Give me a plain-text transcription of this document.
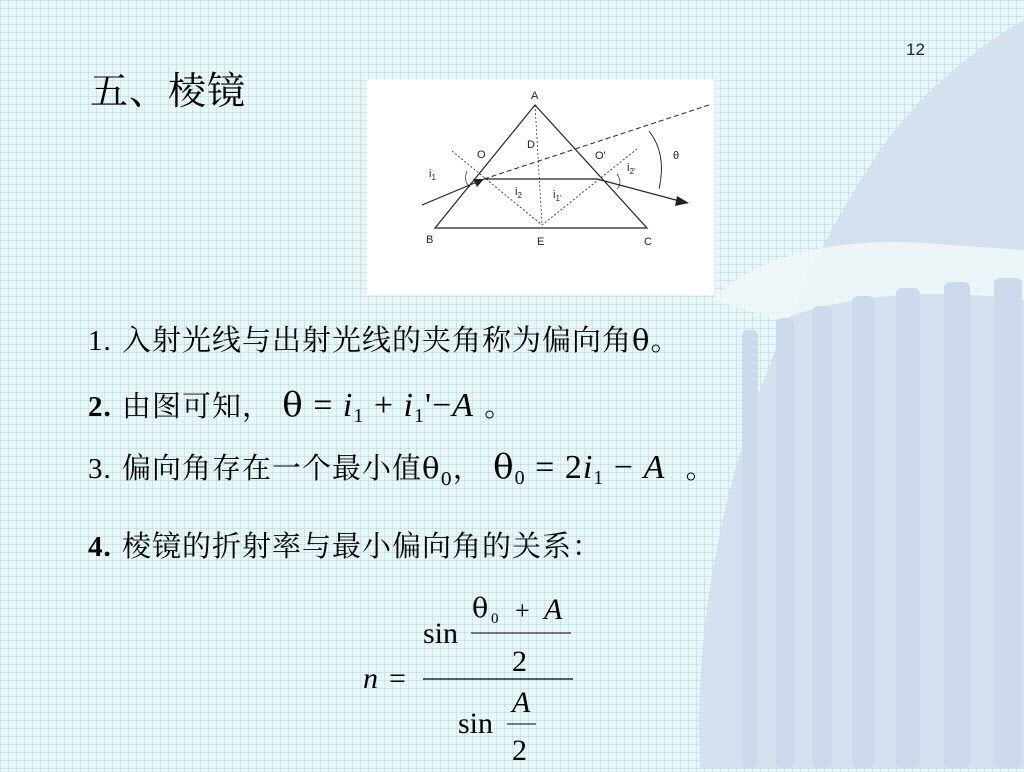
12
五、棱镜	A
B	C
D
E
O	O'
$i_1$
$i_2$	$i_{1’}$
$i_{2’}$
θ
1. 入射光线与出射光线的夹角称为偏向角θ。
2. 由图可知， $\theta = i_1 + i_1'-A$ 。
3. 偏向角存在一个最小值$\theta_0$， $\theta_0 = 2i_1 - A$ 。
4. 棱镜的折射率与最小偏向角的关系：
n =
sin
θ 0 + A
2
sin
A
2
